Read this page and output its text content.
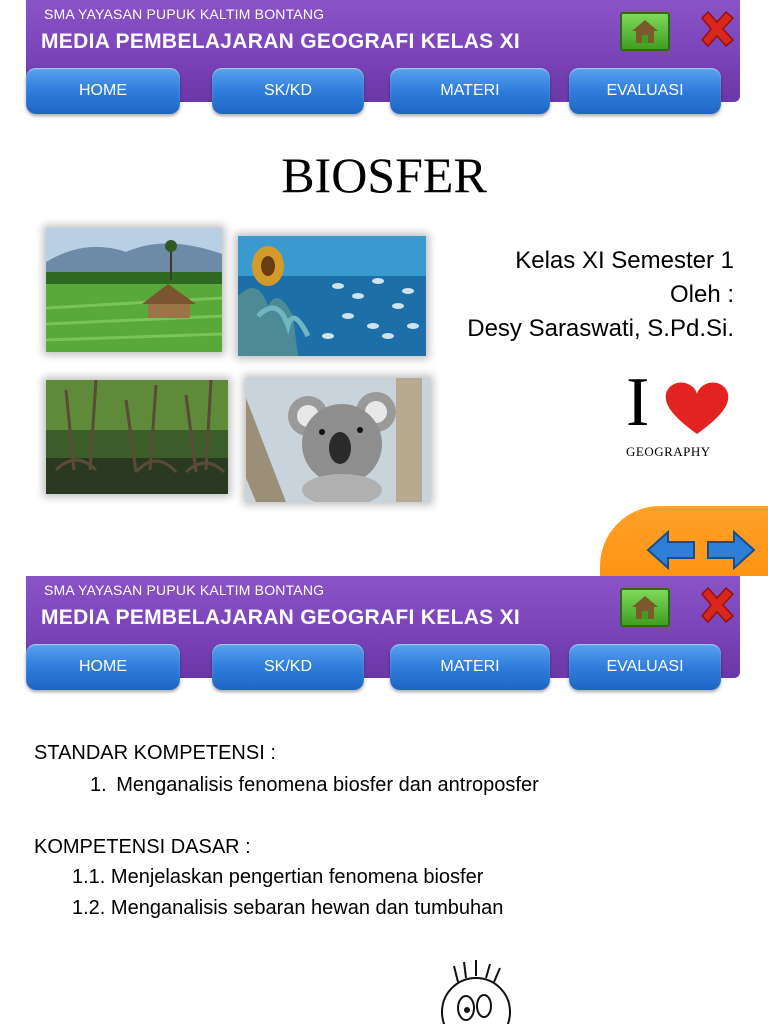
SMA YAYASAN PUPUK KALTIM BONTANG
MEDIA PEMBELAJARAN GEOGRAFI KELAS XI
HOME	SK/KD	MATERI	EVALUASI
BIOSFER
Kelas XI Semester 1
Oleh :
Desy Saraswati, S.Pd.Si.
I
GEOGRAPHY
SMA YAYASAN PUPUK KALTIM BONTANG
MEDIA PEMBELAJARAN GEOGRAFI KELAS XI
HOME	SK/KD	MATERI	EVALUASI
STANDAR KOMPETENSI :
1. Menganalisis fenomena biosfer dan antroposfer
KOMPETENSI DASAR :
1.1. Menjelaskan pengertian fenomena biosfer
1.2. Menganalisis sebaran hewan dan tumbuhan
